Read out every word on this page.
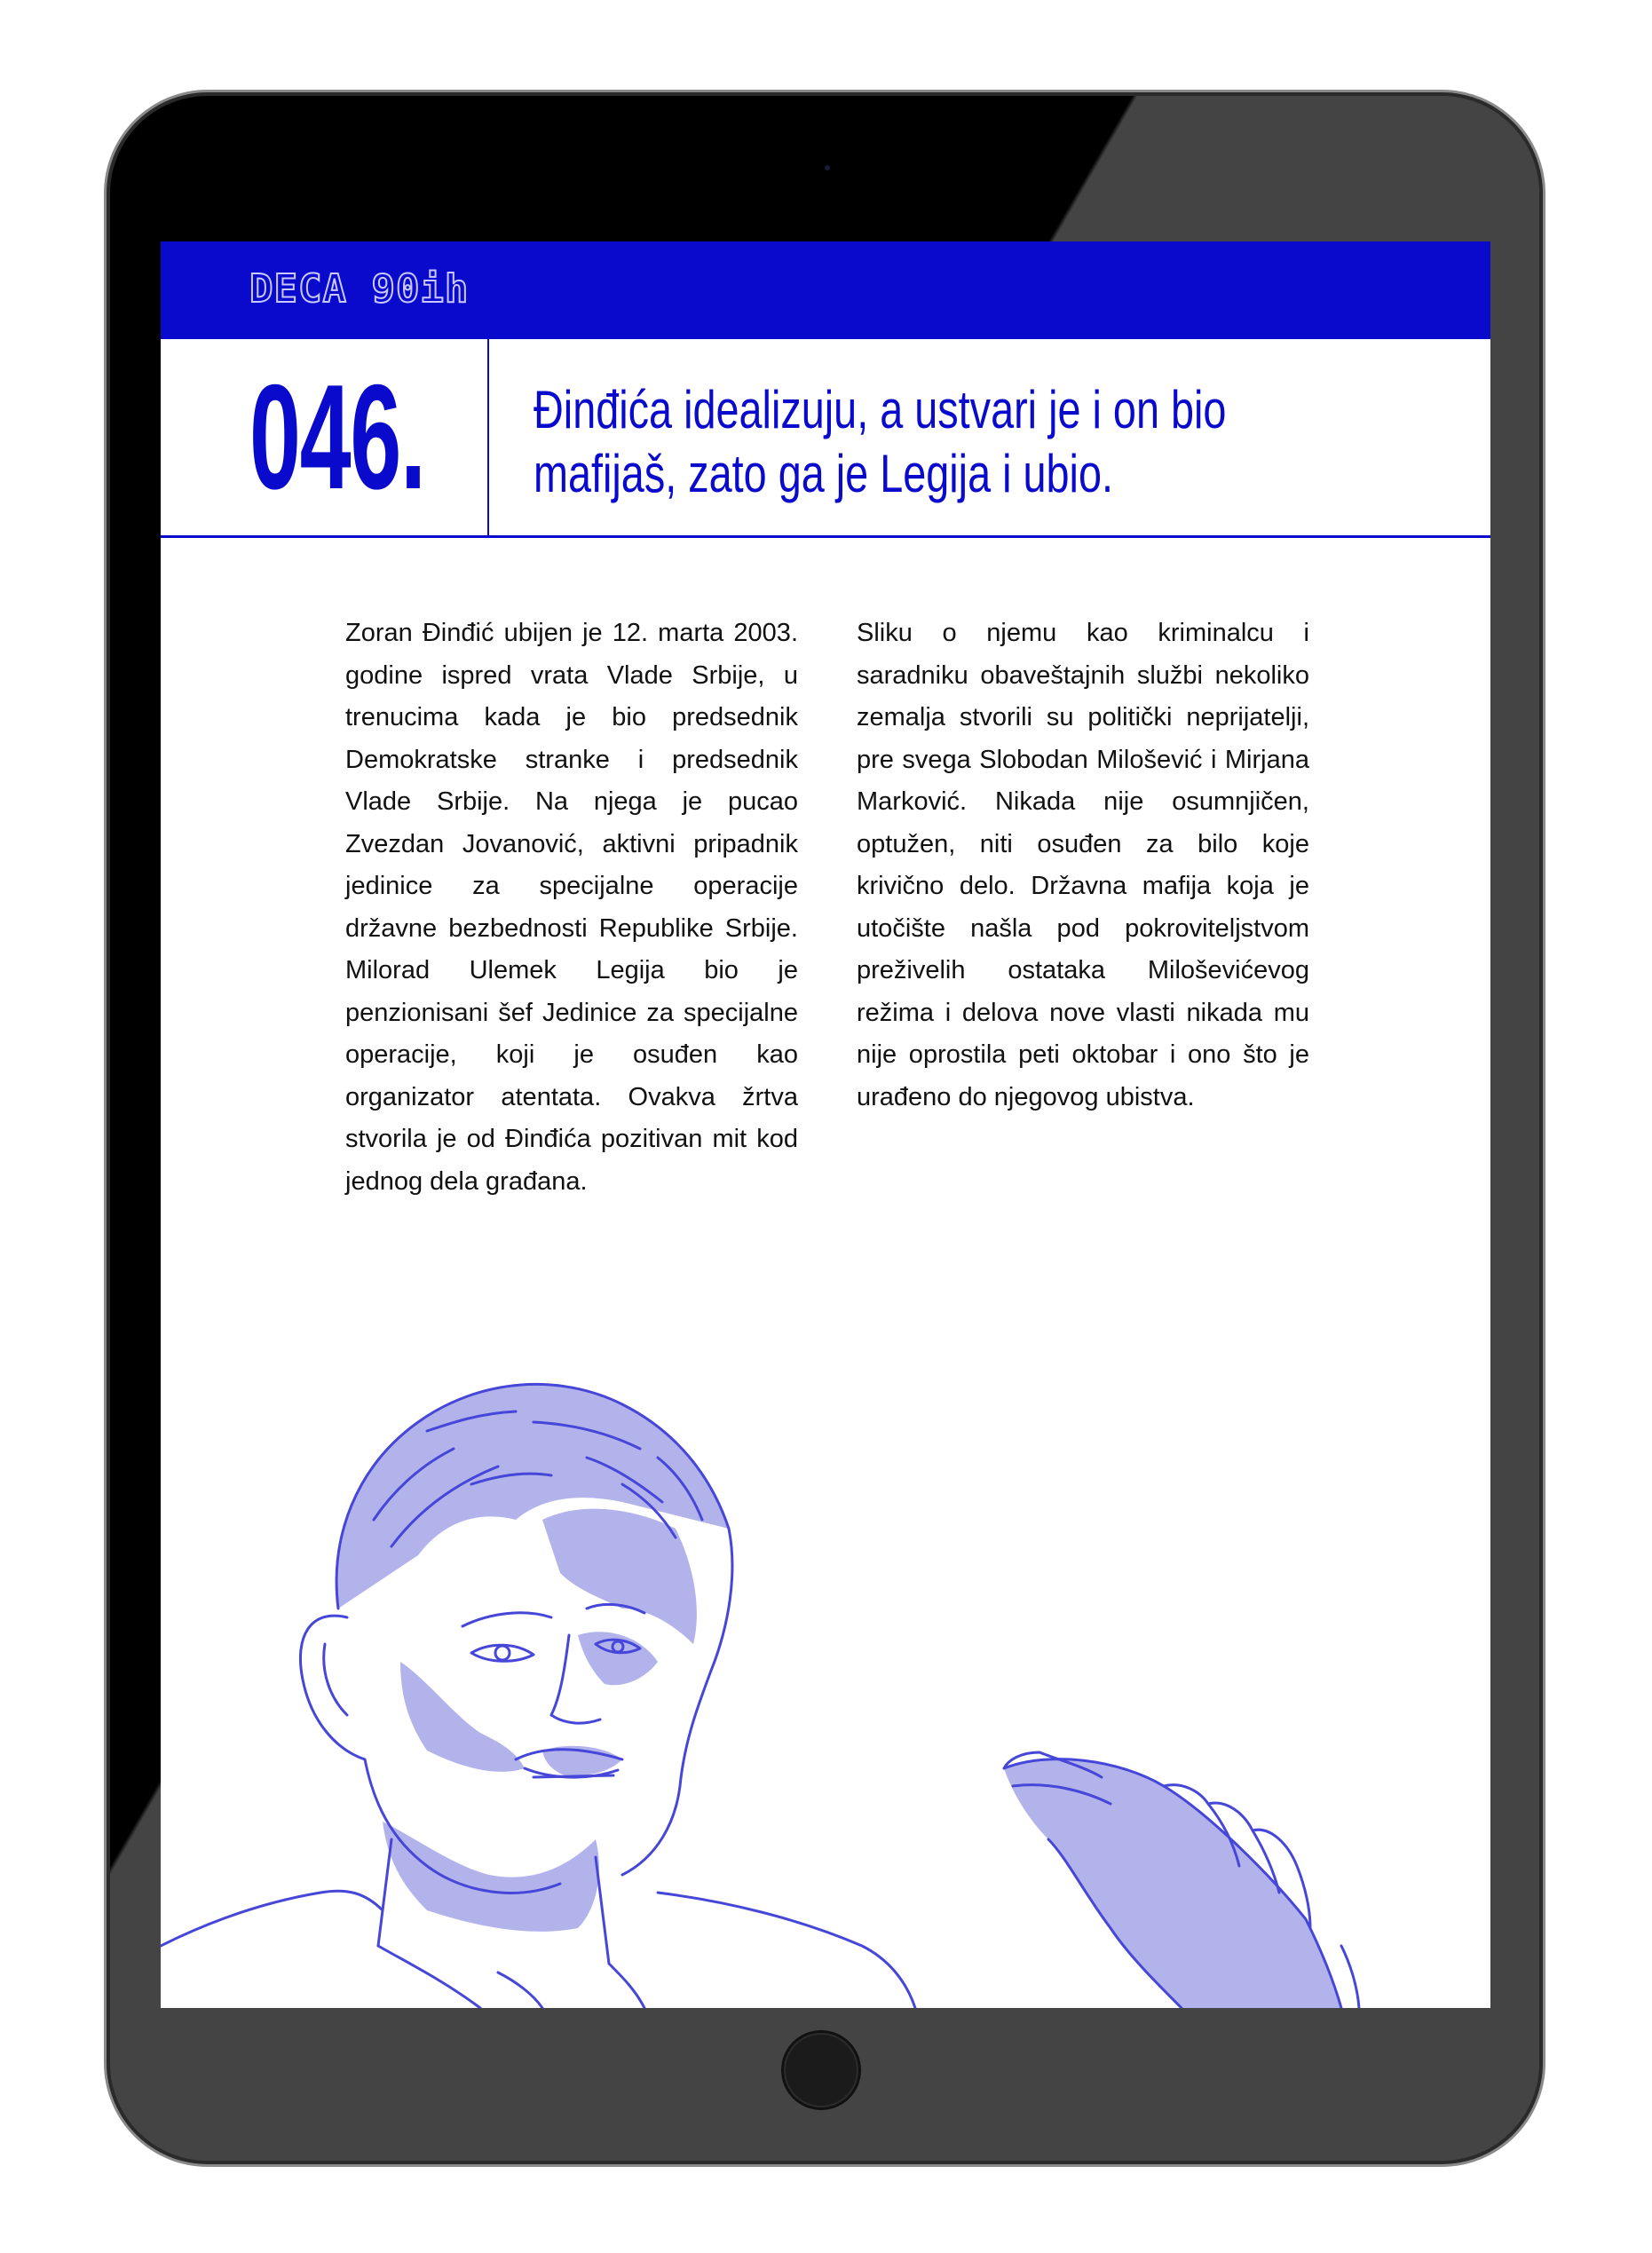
DECA 90ih
046. Đinđića idealizuju, a ustvari je i on bio mafijaš, zato ga je Legija i ubio.
Zoran Đinđić ubijen je 12. marta 2003. godine ispred vrata Vlade Srbije, u trenucima kada je bio predsednik Demokratske stranke i predsednik Vlade Srbije. Na njega je pucao Zvezdan Jovanović, aktivni pripadnik jedinice za specijalne operacije državne bezbednosti Republike Srbije. Milorad Ulemek Legija bio je penzionisani šef Jedinice za specijalne operacije, koji je osuđen kao organizator atentata. Ovakva žrtva stvorila je od Đinđića pozitivan mit kod jednog dela građana.
Sliku o njemu kao kriminalcu i saradniku obaveštajnih službi nekoliko zemalja stvorili su politički neprijatelji, pre svega Slobodan Milošević i Mirjana Marković. Nikada nije osumnjičen, optužen, niti osuđen za bilo koje krivično delo. Državna mafija koja je utočište našla pod pokroviteljstvom preživelih ostataka Miloševićevog režima i delova nove vlasti nikada mu nije oprostila peti oktobar i ono što je urađeno do njegovog ubistva.
